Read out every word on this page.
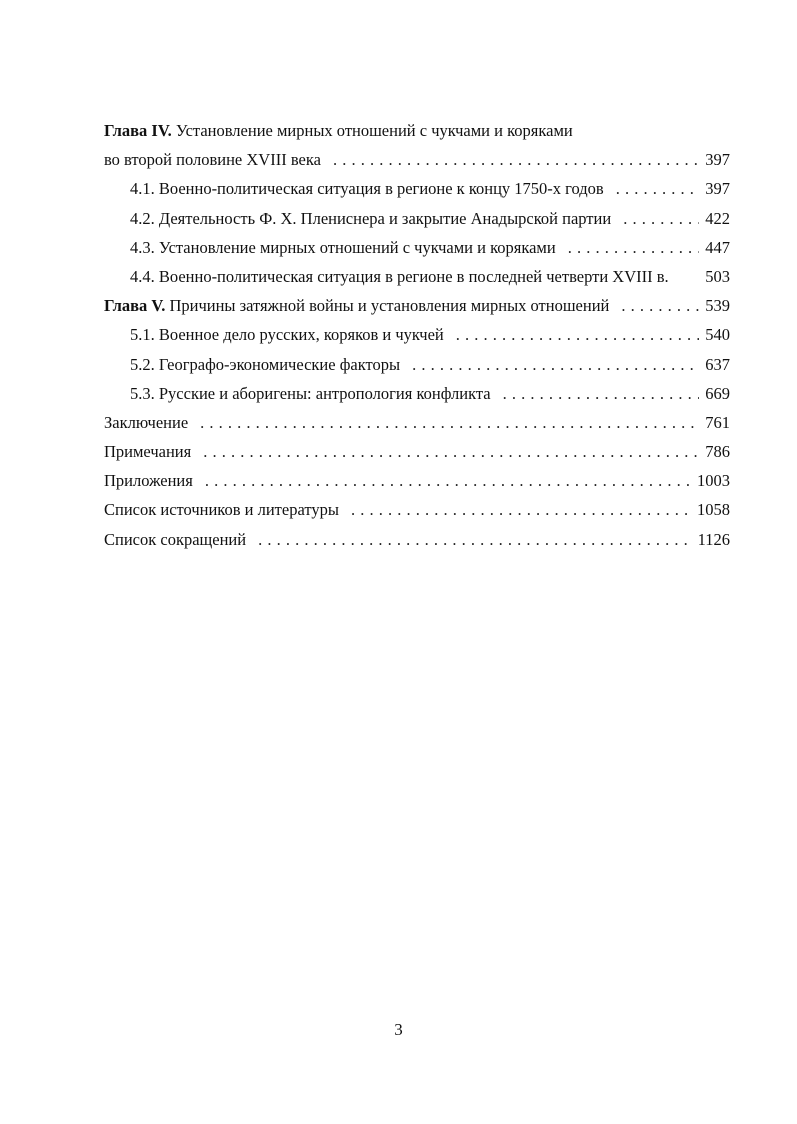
Глава IV. Установление мирных отношений с чукчами и коряками
во второй половине XVIII века . . .	397
4.1. Военно-политическая ситуация в регионе к концу 1750-х годов . . .	397
4.2. Деятельность Ф. Х. Плениснера и закрытие Анадырской партии . . .	422
4.3. Установление мирных отношений с чукчами и коряками . . .	447
4.4. Военно-политическая ситуация в регионе в последней четверти XVIII в. 503
Глава V. Причины затяжной войны и установления мирных отношений . . .	539
5.1. Военное дело русских, коряков и чукчей . . .	540
5.2. Географо-экономические факторы . . .	637
5.3. Русские и аборигены: антропология конфликта . . .	669
Заключение . . .	761
Примечания . . .	786
Приложения . . .	1003
Список источников и литературы . . .	1058
Список сокращений . . .	1126
3
